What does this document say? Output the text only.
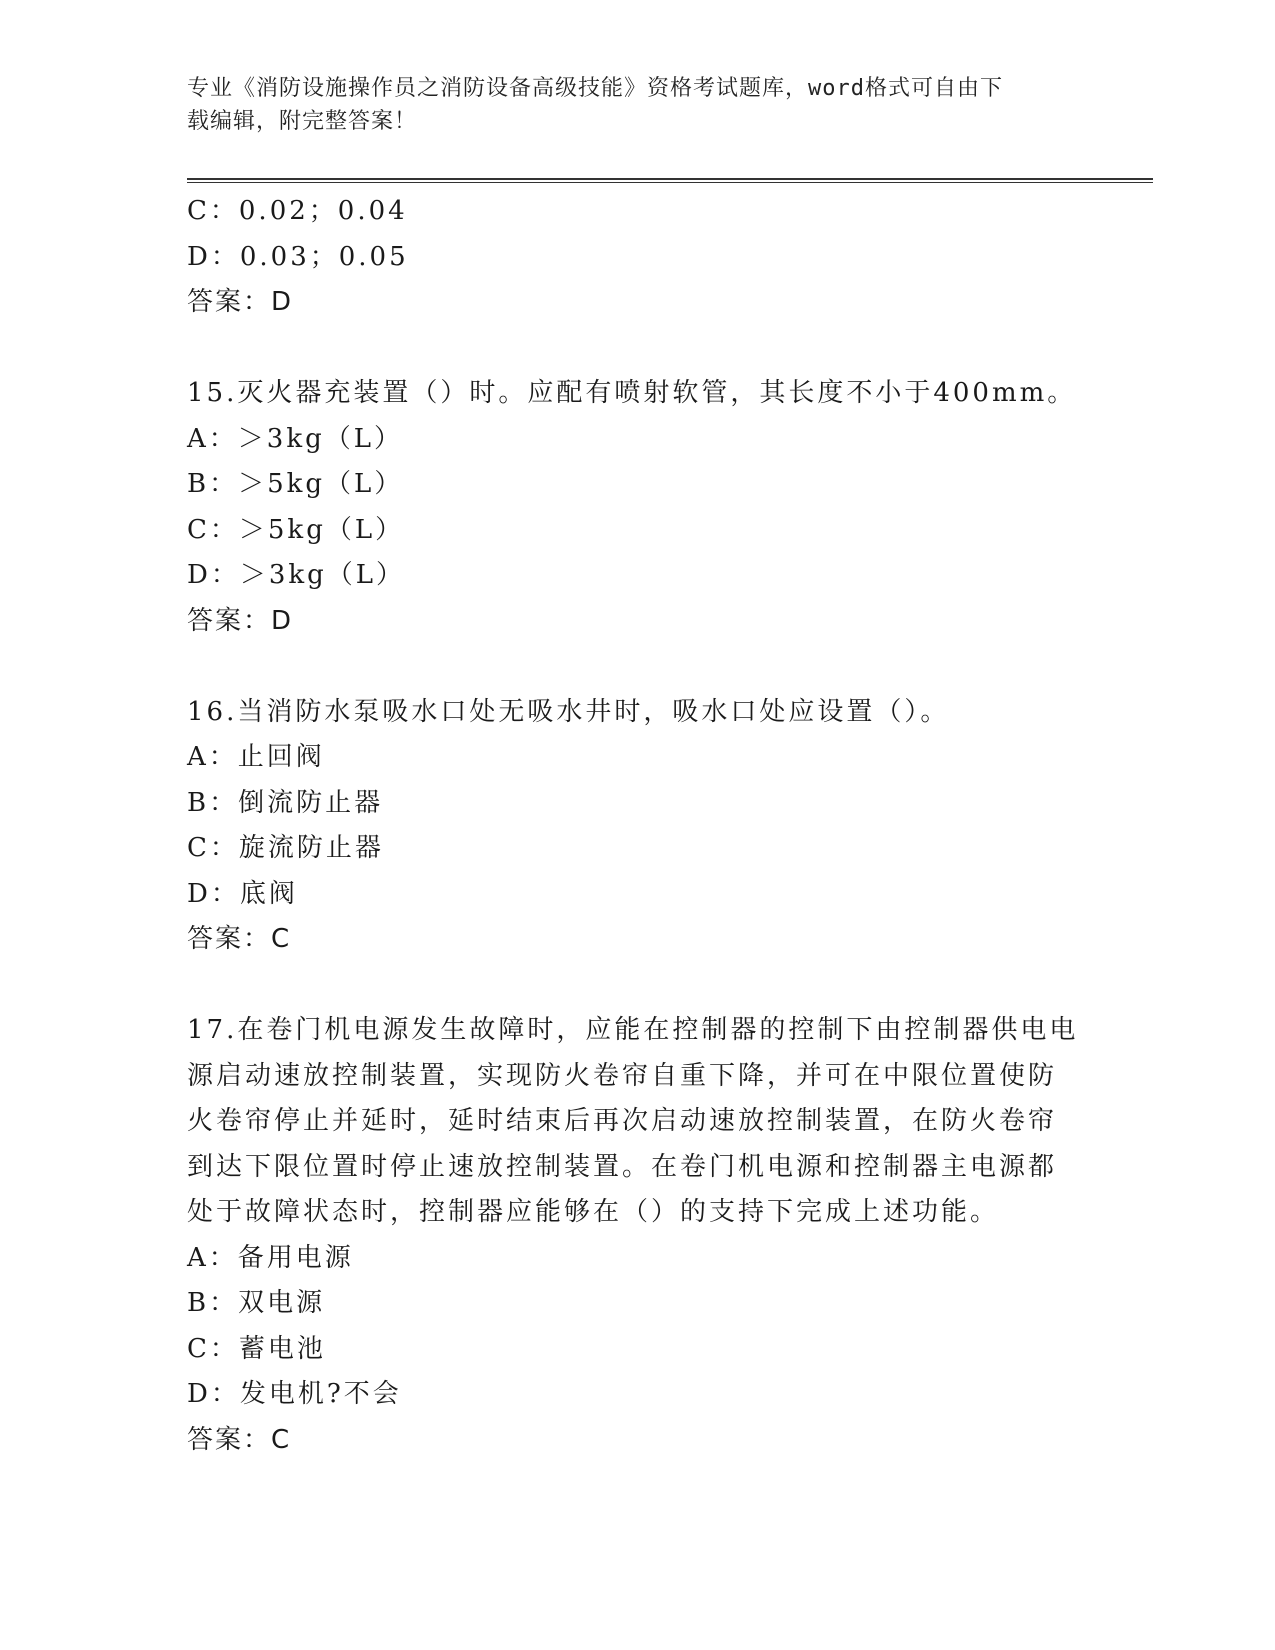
专业《消防设施操作员之消防设备高级技能》资格考试题库，word格式可自由下
载编辑，附完整答案！
C：0.02；0.04
D：0.03；0.05
答案：D
15.灭火器充装置（）时。应配有喷射软管，其长度不小于400mm。
A：＞3kg（L）
B：＞5kg（L）
C：＞5kg（L）
D：＞3kg（L）
答案：D
16.当消防水泵吸水口处无吸水井时，吸水口处应设置（）。
A：止回阀
B：倒流防止器
C：旋流防止器
D：底阀
答案：C
17.在卷门机电源发生故障时，应能在控制器的控制下由控制器供电电
源启动速放控制装置，实现防火卷帘自重下降，并可在中限位置使防
火卷帘停止并延时，延时结束后再次启动速放控制装置，在防火卷帘
到达下限位置时停止速放控制装置。在卷门机电源和控制器主电源都
处于故障状态时，控制器应能够在（）的支持下完成上述功能。
A：备用电源
B：双电源
C：蓄电池
D：发电机?不会
答案：C
